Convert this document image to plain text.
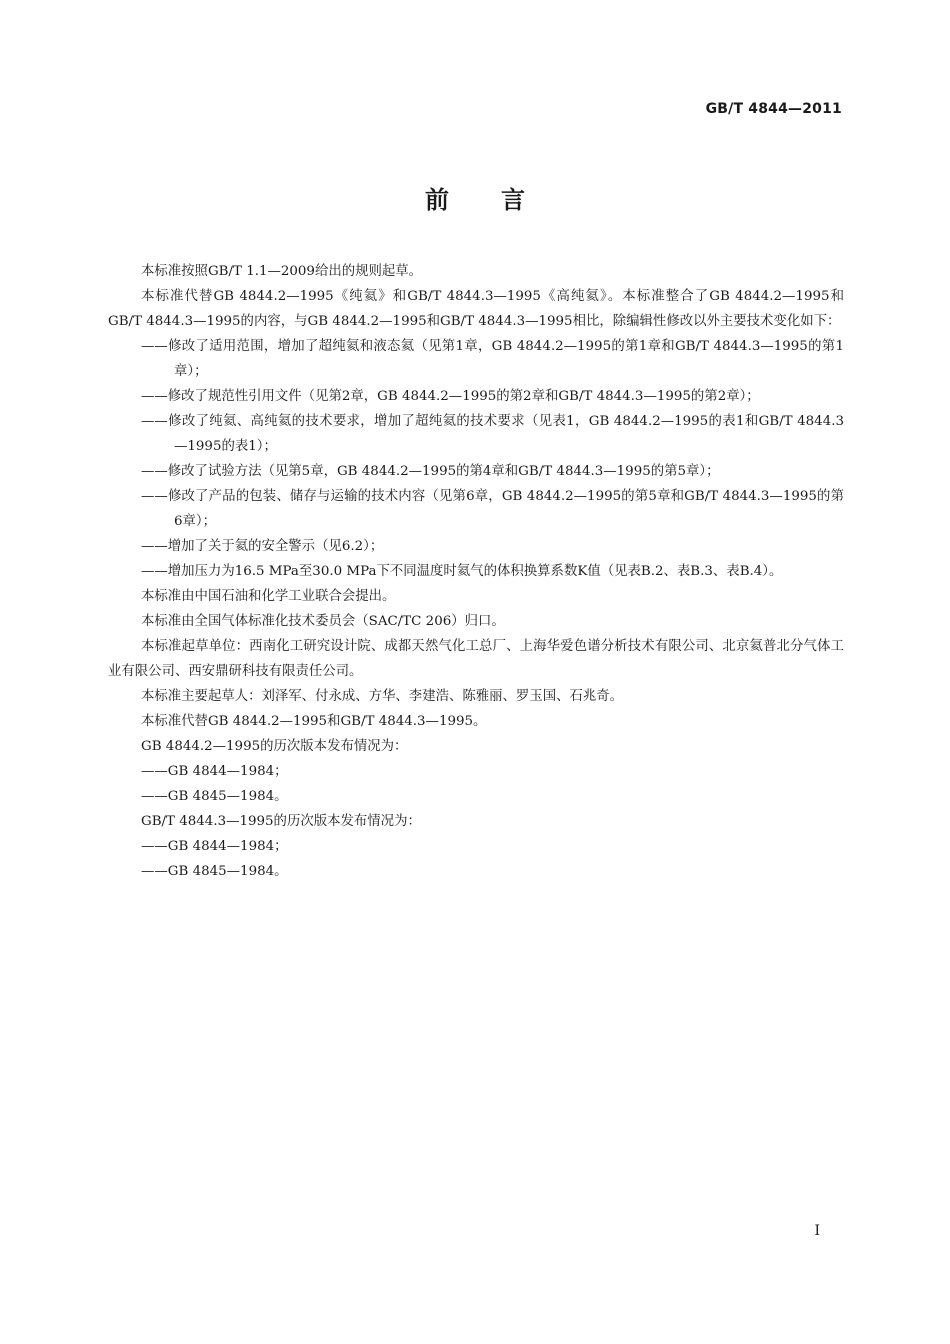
GB/T 4844—2011
前 言
本标准按照GB/T 1.1—2009给出的规则起草。
本标准代替GB 4844.2—1995《纯氦》和GB/T 4844.3—1995《高纯氦》。本标准整合了GB 4844.2—1995和GB/T 4844.3—1995的内容，与GB 4844.2—1995和GB/T 4844.3—1995相比，除编辑性修改以外主要技术变化如下：
——修改了适用范围，增加了超纯氦和液态氦（见第1章，GB 4844.2—1995的第1章和GB/T 4844.3—1995的第1章）；
——修改了规范性引用文件（见第2章，GB 4844.2—1995的第2章和GB/T 4844.3—1995的第2章）；
——修改了纯氦、高纯氦的技术要求，增加了超纯氦的技术要求（见表1，GB 4844.2—1995的表1和GB/T 4844.3—1995的表1）；
——修改了试验方法（见第5章，GB 4844.2—1995的第4章和GB/T 4844.3—1995的第5章）；
——修改了产品的包装、储存与运输的技术内容（见第6章，GB 4844.2—1995的第5章和GB/T 4844.3—1995的第6章）；
——增加了关于氦的安全警示（见6.2）；
——增加压力为16.5 MPa至30.0 MPa下不同温度时氦气的体积换算系数K值（见表B.2、表B.3、表B.4）。
本标准由中国石油和化学工业联合会提出。
本标准由全国气体标准化技术委员会（SAC/TC 206）归口。
本标准起草单位：西南化工研究设计院、成都天然气化工总厂、上海华爱色谱分析技术有限公司、北京氦普北分气体工业有限公司、西安鼎研科技有限责任公司。
本标准主要起草人：刘泽军、付永成、方华、李建浩、陈雅丽、罗玉国、石兆奇。
本标准代替GB 4844.2—1995和GB/T 4844.3—1995。
GB 4844.2—1995的历次版本发布情况为：
——GB 4844—1984；
——GB 4845—1984。
GB/T 4844.3—1995的历次版本发布情况为：
——GB 4844—1984；
——GB 4845—1984。
I
